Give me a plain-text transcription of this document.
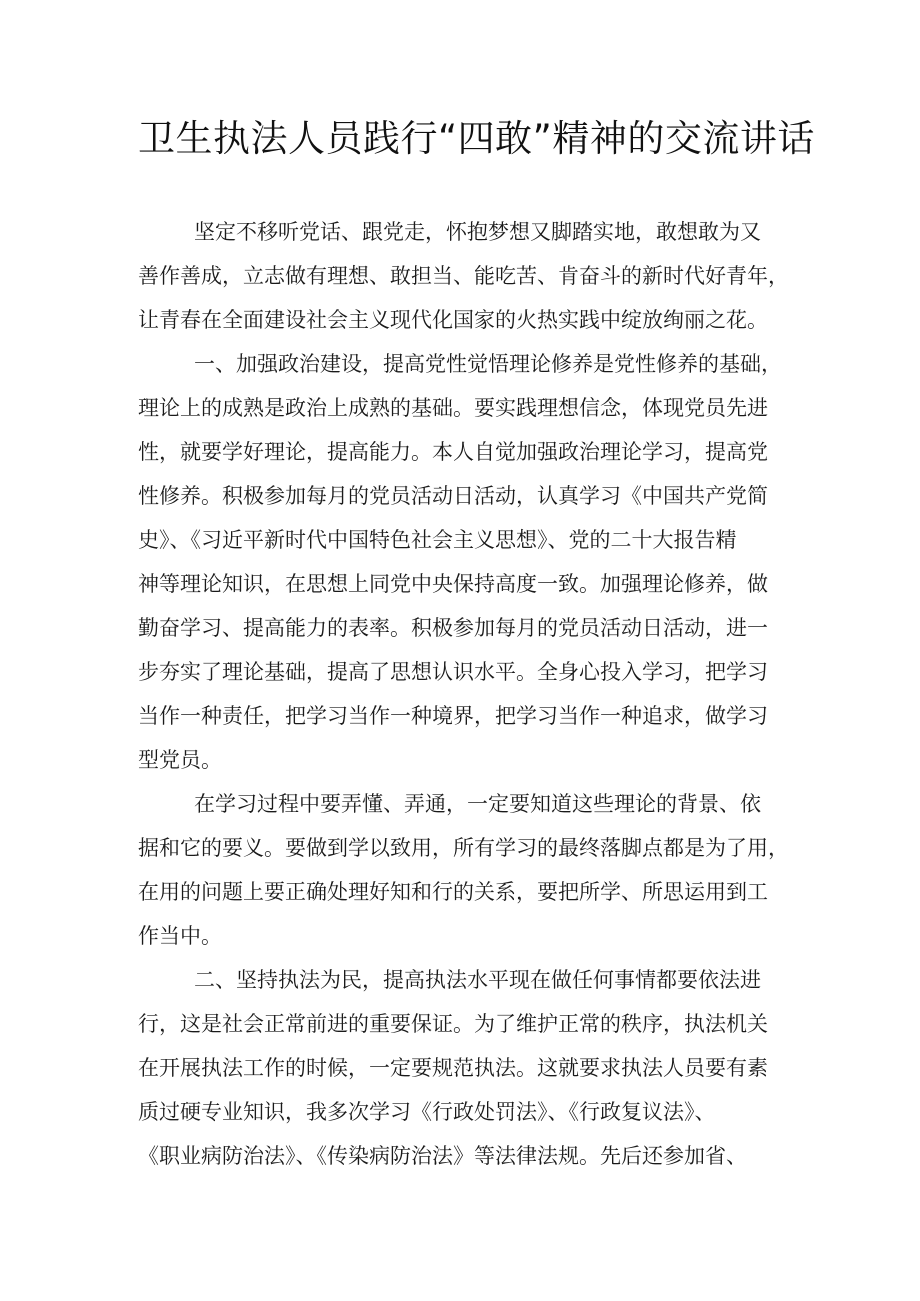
卫生执法人员践行“四敢”精神的交流讲话

坚定不移听党话、跟党走，怀抱梦想又脚踏实地，敢想敢为又
善作善成，立志做有理想、敢担当、能吃苦、肯奋斗的新时代好青年，
让青春在全面建设社会主义现代化国家的火热实践中绽放绚丽之花。

一、加强政治建设，提高党性觉悟理论修养是党性修养的基础，
理论上的成熟是政治上成熟的基础。要实践理想信念，体现党员先进
性，就要学好理论，提高能力。本人自觉加强政治理论学习，提高党
性修养。积极参加每月的党员活动日活动，认真学习《中国共产党简
史》、《习近平新时代中国特色社会主义思想》、党的二十大报告精
神等理论知识，在思想上同党中央保持高度一致。加强理论修养，做
勤奋学习、提高能力的表率。积极参加每月的党员活动日活动，进一
步夯实了理论基础，提高了思想认识水平。全身心投入学习，把学习
当作一种责任，把学习当作一种境界，把学习当作一种追求，做学习
型党员。

在学习过程中要弄懂、弄通，一定要知道这些理论的背景、依
据和它的要义。要做到学以致用，所有学习的最终落脚点都是为了用，
在用的问题上要正确处理好知和行的关系，要把所学、所思运用到工
作当中。

二、坚持执法为民，提高执法水平现在做任何事情都要依法进
行，这是社会正常前进的重要保证。为了维护正常的秩序，执法机关
在开展执法工作的时候，一定要规范执法。这就要求执法人员要有素
质过硬专业知识，我多次学习《行政处罚法》、《行政复议法》、
《职业病防治法》、《传染病防治法》等法律法规。先后还参加省、
